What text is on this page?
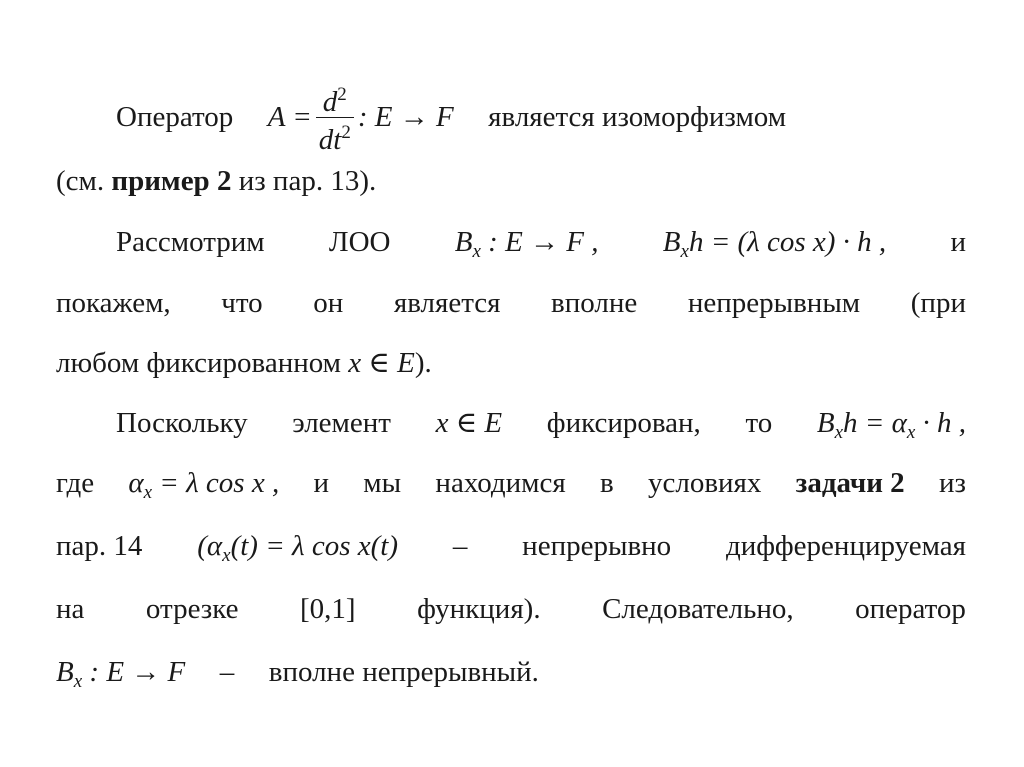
Оператор $A = \frac{d^2}{dt^2}$ : E → F является изоморфизмом
(см. пример 2 из пар. 13).
Рассмотрим ЛОО $B_x$ : E → F , $B_xh = (\lambda$ cos x) · h , и
покажем, что он является вполне непрерывным (при
любом фиксированном x ∈ E).
Поскольку элемент x ∈ E фиксирован, то $B_xh = \alpha_x \cdot h$ ,
где $\alpha_x = \lambda$ cos x , и мы находимся в условиях задачи 2 из
пар. 14 ($\alpha_x(t) = \lambda$ cos x(t) – непрерывно дифференцируемая
на отрезке [0,1] функция). Следовательно, оператор
$B_x$ : E → F – вполне непрерывный.
